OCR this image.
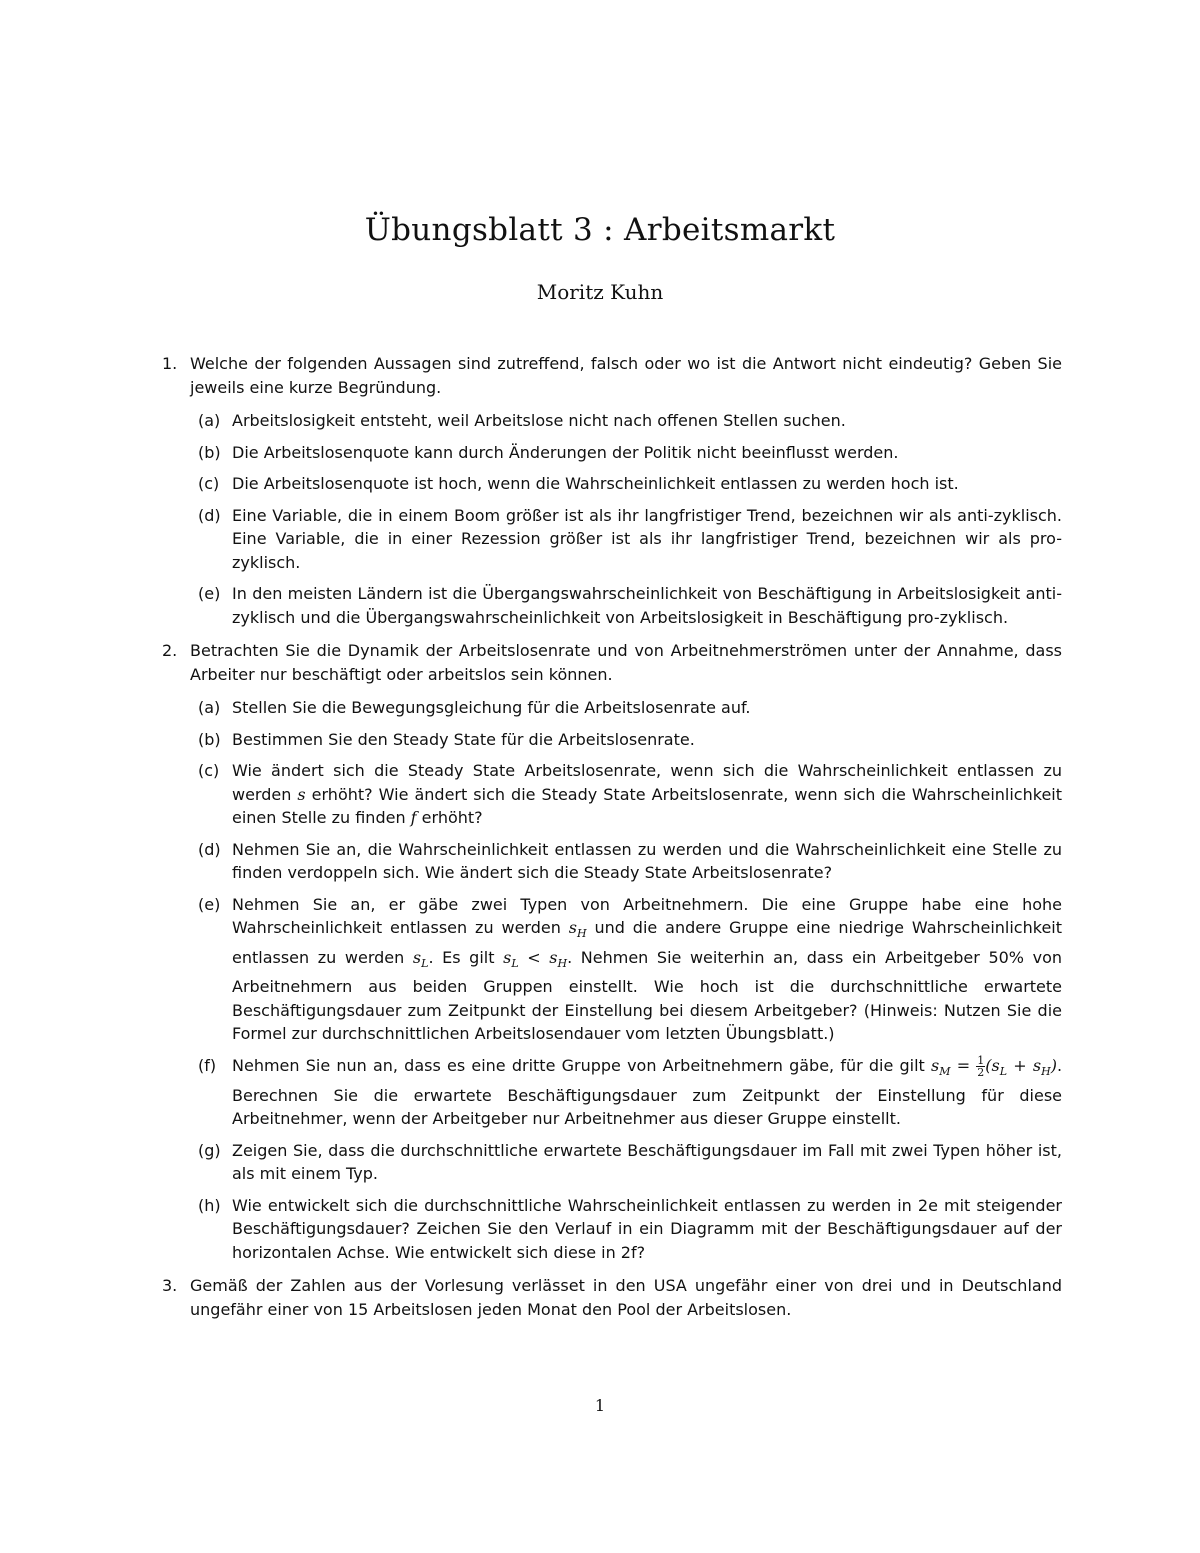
Übungsblatt 3 : Arbeitsmarkt
Moritz Kuhn
1. Welche der folgenden Aussagen sind zutreffend, falsch oder wo ist die Antwort nicht eindeutig? Geben Sie jeweils eine kurze Begründung.
(a) Arbeitslosigkeit entsteht, weil Arbeitslose nicht nach offenen Stellen suchen.
(b) Die Arbeitslosenquote kann durch Änderungen der Politik nicht beeinflusst werden.
(c) Die Arbeitslosenquote ist hoch, wenn die Wahrscheinlichkeit entlassen zu werden hoch ist.
(d) Eine Variable, die in einem Boom größer ist als ihr langfristiger Trend, bezeichnen wir als anti-zyklisch. Eine Variable, die in einer Rezession größer ist als ihr langfristiger Trend, bezeichnen wir als pro-zyklisch.
(e) In den meisten Ländern ist die Übergangswahrscheinlichkeit von Beschäftigung in Arbeitslosigkeit anti-zyklisch und die Übergangswahrscheinlichkeit von Arbeitslosigkeit in Beschäftigung pro-zyklisch.
2. Betrachten Sie die Dynamik der Arbeitslosenrate und von Arbeitnehmerströmen unter der Annahme, dass Arbeiter nur beschäftigt oder arbeitslos sein können.
(a) Stellen Sie die Bewegungsgleichung für die Arbeitslosenrate auf.
(b) Bestimmen Sie den Steady State für die Arbeitslosenrate.
(c) Wie ändert sich die Steady State Arbeitslosenrate, wenn sich die Wahrscheinlichkeit entlassen zu werden s erhöht? Wie ändert sich die Steady State Arbeitslosenrate, wenn sich die Wahrscheinlichkeit einen Stelle zu finden f erhöht?
(d) Nehmen Sie an, die Wahrscheinlichkeit entlassen zu werden und die Wahrscheinlichkeit eine Stelle zu finden verdoppeln sich. Wie ändert sich die Steady State Arbeitslosenrate?
(e) Nehmen Sie an, er gäbe zwei Typen von Arbeitnehmern. Die eine Gruppe habe eine hohe Wahrscheinlichkeit entlassen zu werden $s_H$ und die andere Gruppe eine niedrige Wahrscheinlichkeit entlassen zu werden $s_L$. Es gilt $s_L < s_H$. Nehmen Sie weiterhin an, dass ein Arbeitgeber 50% von Arbeitnehmern aus beiden Gruppen einstellt. Wie hoch ist die durchschnittliche erwartete Beschäftigungsdauer zum Zeitpunkt der Einstellung bei diesem Arbeitgeber? (Hinweis: Nutzen Sie die Formel zur durchschnittlichen Arbeitslosendauer vom letzten Übungsblatt.)
(f) Nehmen Sie nun an, dass es eine dritte Gruppe von Arbeitnehmern gäbe, für die gilt $s_M = \frac{1}{2} (s_L + s_H)$. Berechnen Sie die erwartete Beschäftigungsdauer zum Zeitpunkt der Einstellung für diese Arbeitnehmer, wenn der Arbeitgeber nur Arbeitnehmer aus dieser Gruppe einstellt.
(g) Zeigen Sie, dass die durchschnittliche erwartete Beschäftigungsdauer im Fall mit zwei Typen höher ist, als mit einem Typ.
(h) Wie entwickelt sich die durchschnittliche Wahrscheinlichkeit entlassen zu werden in 2e mit steigender Beschäftigungsdauer? Zeichen Sie den Verlauf in ein Diagramm mit der Beschäftigungsdauer auf der horizontalen Achse. Wie entwickelt sich diese in 2f?
3. Gemäß der Zahlen aus der Vorlesung verlässet in den USA ungefähr einer von drei und in Deutschland ungefähr einer von 15 Arbeitslosen jeden Monat den Pool der Arbeitslosen.
1
